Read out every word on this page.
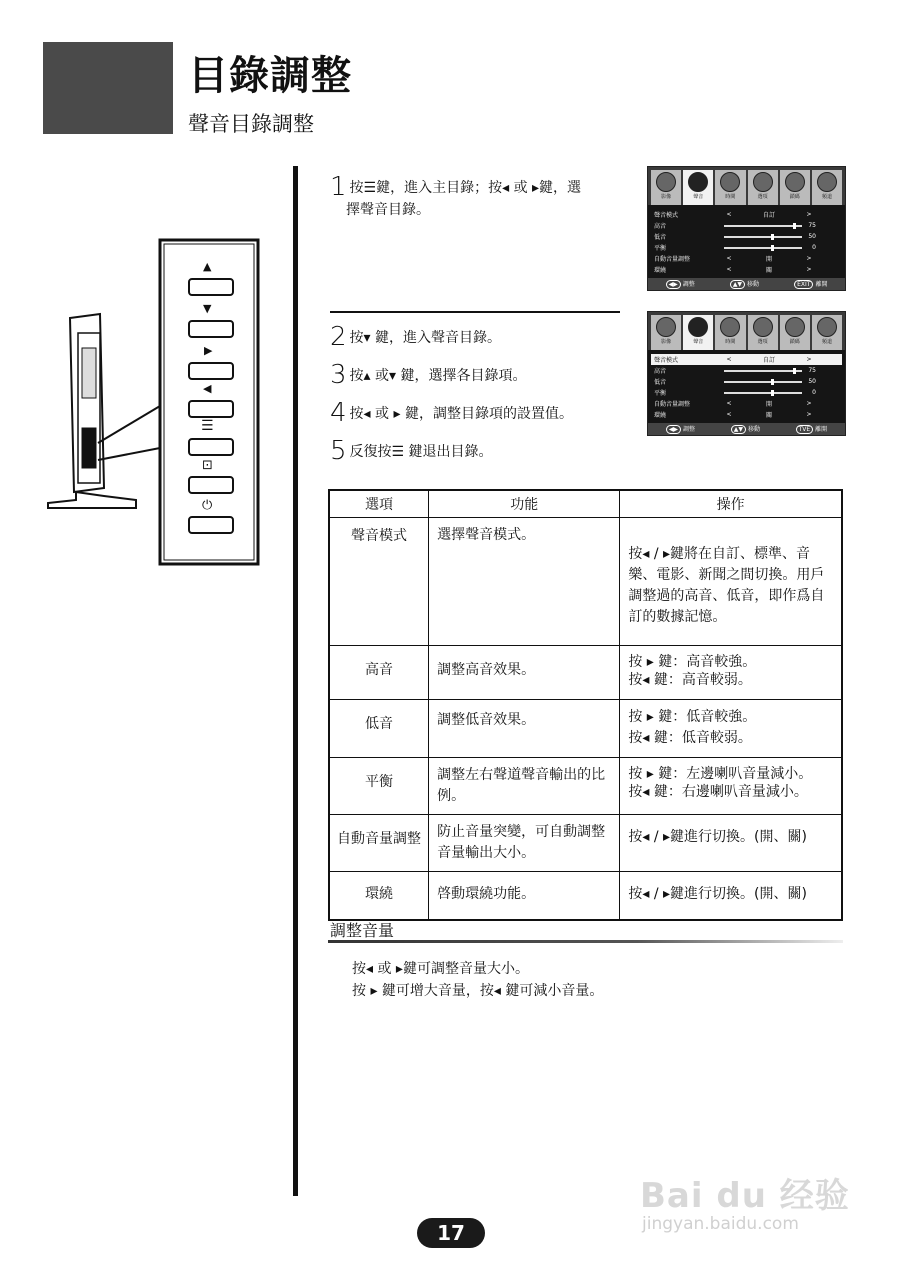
目錄調整
聲音目錄調整
▲
▼
▶
◀
☰
⊡
⏻
1 按☰鍵，進入主目錄；按◂ 或 ▸鍵，選
擇聲音目錄。
2 按▾ 鍵，進入聲音目錄。
3 按▴ 或▾ 鍵，選擇各目錄項。
4 按◂ 或 ▸ 鍵，調整目錄項的設置值。
5 反復按☰ 鍵退出目錄。
影像	聲音	時間	選項	鎖碼	頻道
聲音模式	<	自訂	>
高音	75
低音	50
平衡	0
自動音量調整	<	開	>
環繞	<	關	>
◀▶ 調整	▲▼ 移動	EXIT 離開
影像	聲音	時間	選項	鎖碼	頻道
聲音模式	<	自訂	>
高音	75
低音	50
平衡	0
自動音量調整	<	開	>
環繞	<	關	>
◀▶ 調整	▲▼ 移動	TVE 離開
選項	功能	操作
聲音模式	選擇聲音模式。	按◂ / ▸鍵將在自訂、標準、音樂、電影、新聞之間切換。用戶調整過的高音、低音，即作爲自訂的數據記憶。
高音	調整高音效果。	按 ▸ 鍵：高音較強。
按◂ 鍵：高音較弱。
低音	調整低音效果。	按 ▸ 鍵：低音較強。
按◂ 鍵：低音較弱。
平衡	調整左右聲道聲音輸出的比例。	按 ▸ 鍵：左邊喇叭音量減小。
按◂ 鍵：右邊喇叭音量減小。
自動音量調整	防止音量突變，可自動調整音量輸出大小。	按◂ / ▸鍵進行切換。(開、關)
環繞	啓動環繞功能。	按◂ / ▸鍵進行切換。(開、關)
調整音量
按◂ 或 ▸鍵可調整音量大小。
按 ▸ 鍵可增大音量，按◂ 鍵可減小音量。
Bai du 经验
jingyan.baidu.com
17
